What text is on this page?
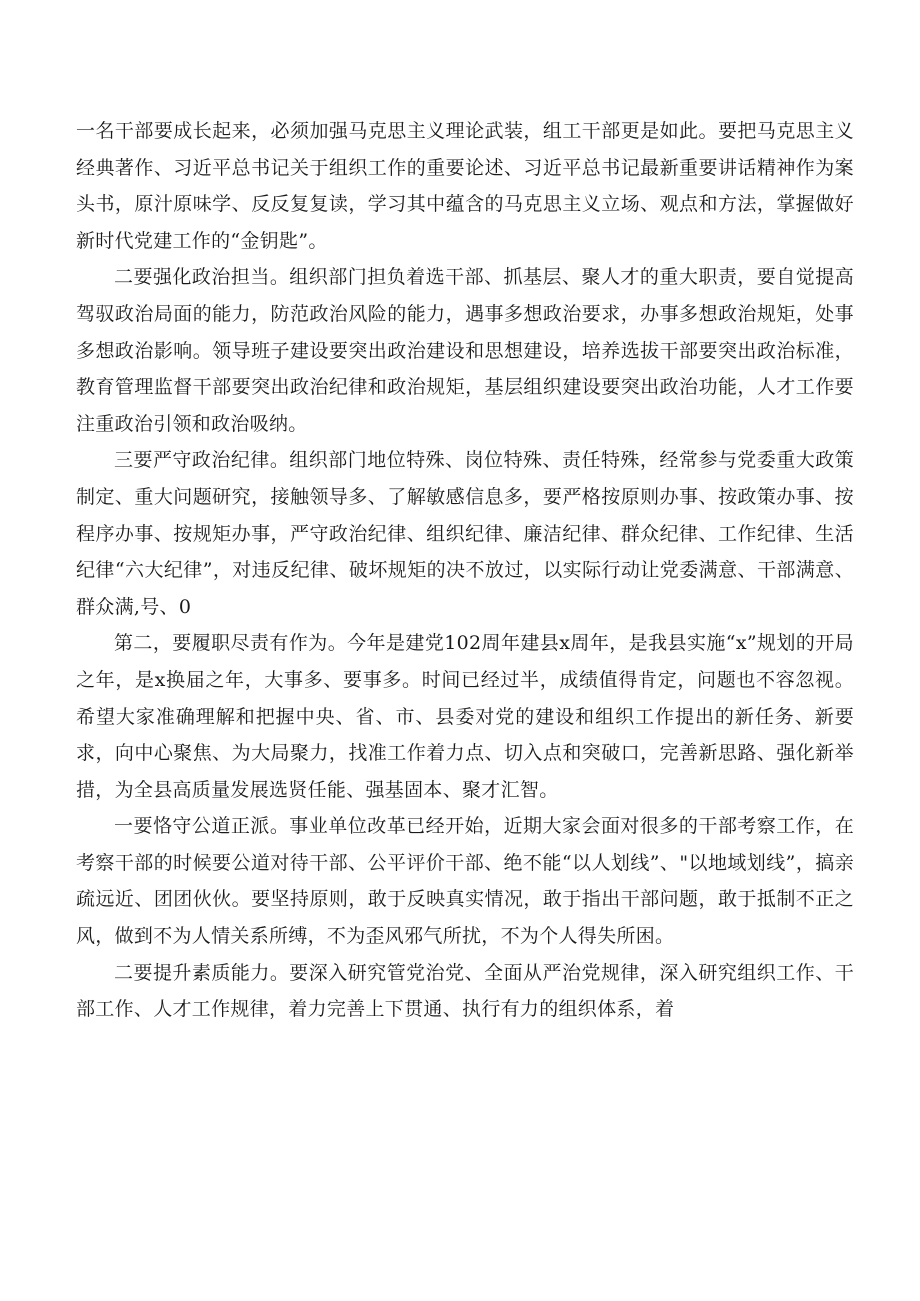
一名干部要成长起来，必须加强马克思主义理论武装，组工干部更是如此。要把马克思主义经典著作、习近平总书记关于组织工作的重要论述、习近平总书记最新重要讲话精神作为案头书，原汁原味学、反反复复读，学习其中蕴含的马克思主义立场、观点和方法，掌握做好新时代党建工作的“金钥匙”。

二要强化政治担当。组织部门担负着选干部、抓基层、聚人才的重大职责，要自觉提高驾驭政治局面的能力，防范政治风险的能力，遇事多想政治要求，办事多想政治规矩，处事多想政治影响。领导班子建设要突出政治建设和思想建设，培养选拔干部要突出政治标准，教育管理监督干部要突出政治纪律和政治规矩，基层组织建设要突出政治功能，人才工作要注重政治引领和政治吸纳。

三要严守政治纪律。组织部门地位特殊、岗位特殊、责任特殊，经常参与党委重大政策制定、重大问题研究，接触领导多、了解敏感信息多，要严格按原则办事、按政策办事、按程序办事、按规矩办事，严守政治纪律、组织纪律、廉洁纪律、群众纪律、工作纪律、生活纪律“六大纪律”，对违反纪律、破坏规矩的决不放过，以实际行动让党委满意、干部满意、群众满,号、0

第二，要履职尽责有作为。今年是建党102周年建县x周年，是我县实施“x”规划的开局之年，是x换届之年，大事多、要事多。时间已经过半，成绩值得肯定，问题也不容忽视。希望大家准确理解和把握中央、省、市、县委对党的建设和组织工作提出的新任务、新要求，向中心聚焦、为大局聚力，找准工作着力点、切入点和突破口，完善新思路、强化新举措，为全县高质量发展选贤任能、强基固本、聚才汇智。

一要恪守公道正派。事业单位改革已经开始，近期大家会面对很多的干部考察工作，在考察干部的时候要公道对待干部、公平评价干部、绝不能“以人划线”、"以地域划线”，搞亲疏远近、团团伙伙。要坚持原则，敢于反映真实情况，敢于指出干部问题，敢于抵制不正之风，做到不为人情关系所缚，不为歪风邪气所扰，不为个人得失所困。

二要提升素质能力。要深入研究管党治党、全面从严治党规律，深入研究组织工作、干部工作、人才工作规律，着力完善上下贯通、执行有力的组织体系，着
